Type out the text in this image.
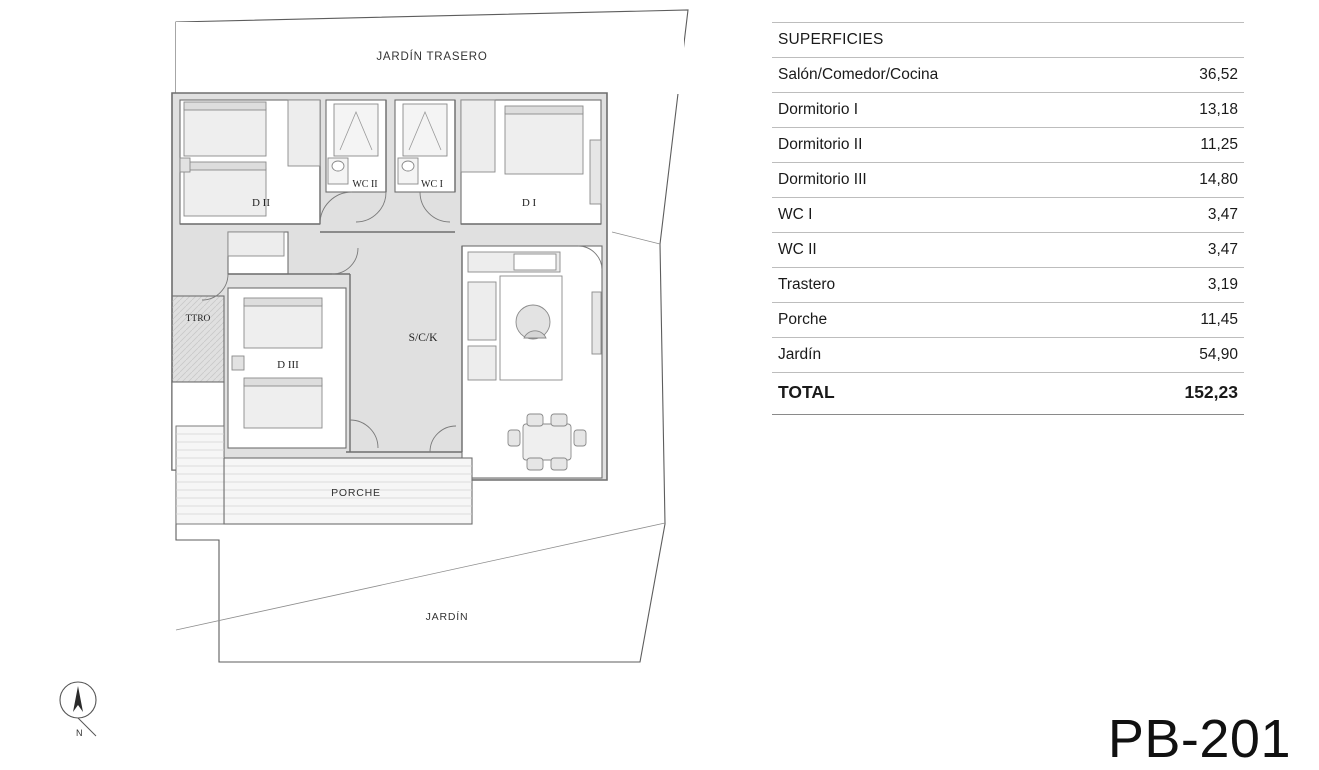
JARDÍN TRASERO
PORCHE
JARDÍN
D II	D I
D III
WC II	WC I
S/C/K
TTRO
N
SUPERFICIES
Salón/Comedor/Cocina	36,52
Dormitorio I	13,18
Dormitorio II	11,25
Dormitorio III	14,80
WC I	3,47
WC II	3,47
Trastero	3,19
Porche	11,45
Jardín	54,90
TOTAL	152,23
PB-201
